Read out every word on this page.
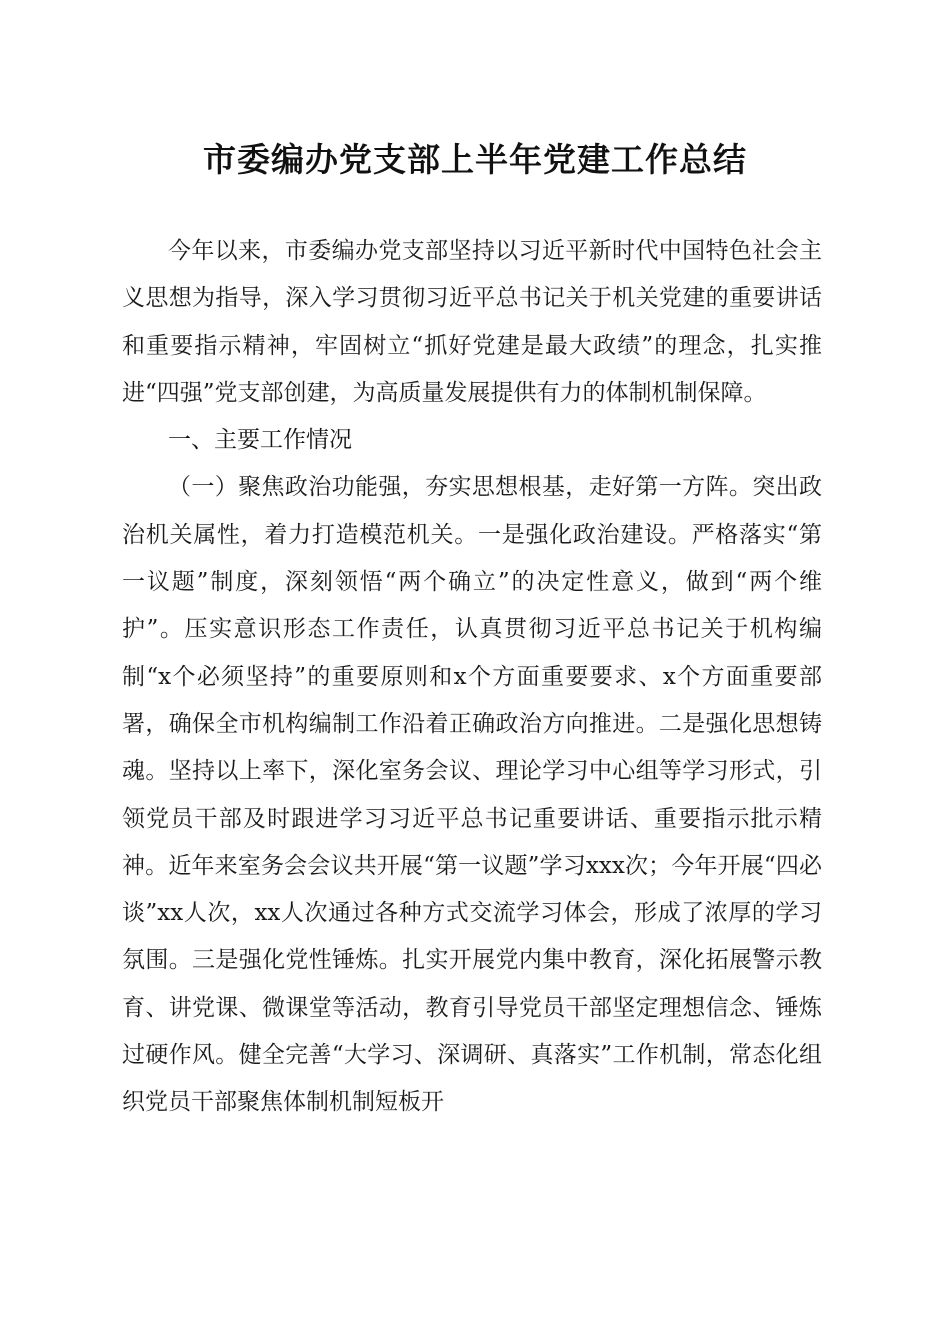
市委编办党支部上半年党建工作总结

今年以来，市委编办党支部坚持以习近平新时代中国特色社会主义思想为指导，深入学习贯彻习近平总书记关于机关党建的重要讲话和重要指示精神，牢固树立“抓好党建是最大政绩”的理念，扎实推进“四强”党支部创建，为高质量发展提供有力的体制机制保障。

一、主要工作情况

（一）聚焦政治功能强，夯实思想根基，走好第一方阵。突出政治机关属性，着力打造模范机关。一是强化政治建设。严格落实“第一议题”制度，深刻领悟“两个确立”的决定性意义，做到“两个维护”。压实意识形态工作责任，认真贯彻习近平总书记关于机构编制“x个必须坚持”的重要原则和x个方面重要要求、x个方面重要部署，确保全市机构编制工作沿着正确政治方向推进。二是强化思想铸魂。坚持以上率下，深化室务会议、理论学习中心组等学习形式，引领党员干部及时跟进学习习近平总书记重要讲话、重要指示批示精神。近年来室务会会议共开展“第一议题”学习xxx次；今年开展“四必谈”xx人次，xx人次通过各种方式交流学习体会，形成了浓厚的学习氛围。三是强化党性锤炼。扎实开展党内集中教育，深化拓展警示教育、讲党课、微课堂等活动，教育引导党员干部坚定理想信念、锤炼过硬作风。健全完善“大学习、深调研、真落实”工作机制，常态化组织党员干部聚焦体制机制短板开
